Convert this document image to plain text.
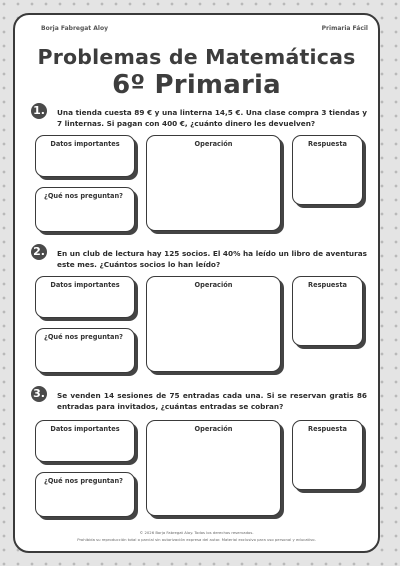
Borja Fabregat Aloy	Primaria Fácil
Problemas de Matemáticas
6º Primaria
1. Una tienda cuesta 89 € y una linterna 14,5 €. Una clase compra 3 tiendas y 7 linternas. Si pagan con 400 €, ¿cuánto dinero les devuelven?
Datos importantes
¿Qué nos preguntan?
Operación	Respuesta
2. En un club de lectura hay 125 socios. El 40% ha leído un libro de aventuras este mes. ¿Cuántos socios lo han leído?
Datos importantes
¿Qué nos preguntan?
Operación	Respuesta
3. Se venden 14 sesiones de 75 entradas cada una. Si se reservan gratis 86 entradas para invitados, ¿cuántas entradas se cobran?
Datos importantes
¿Qué nos preguntan?
Operación	Respuesta
© 2026 Borja Fabregat Aloy. Todos los derechos reservados.
Prohibida su reproducción total o parcial sin autorización expresa del autor. Material exclusivo para uso personal y educativo.
